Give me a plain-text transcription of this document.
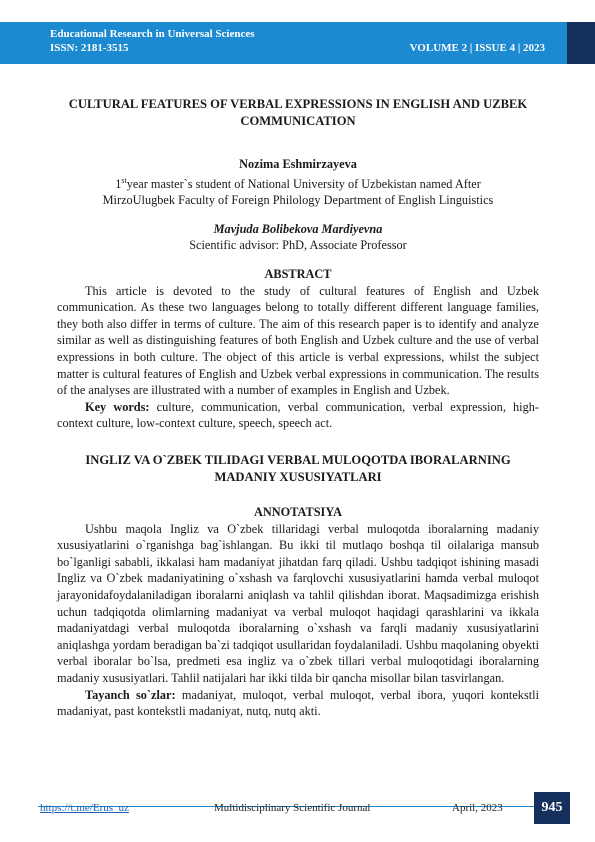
Educational Research in Universal Sciences
ISSN: 2181-3515	VOLUME 2 | ISSUE 4 | 2023
CULTURAL FEATURES OF VERBAL EXPRESSIONS IN ENGLISH AND UZBEK COMMUNICATION
Nozima Eshmirzayeva
1styear master`s student of National University of Uzbekistan named After
MirzoUlugbek Faculty of Foreign Philology Department of English Linguistics
Mavjuda Bolibekova Mardiyevna
Scientific advisor: PhD, Associate Professor
ABSTRACT
This article is devoted to the study of cultural features of English and Uzbek communication. As these two languages belong to totally different different language families, they both also differ in terms of culture. The aim of this research paper is to identify and analyze similar as well as distinguishing features of both English and Uzbek culture and the use of verbal expressions in both culture. The object of this article is verbal expressions, whilst the subject matter is cultural features of English and Uzbek verbal expressions in communication. The results of the analyses are illustrated with a number of examples in English and Uzbek.
Key words: culture, communication, verbal communication, verbal expression, high-context culture, low-context culture, speech, speech act.
INGLIZ VA O`ZBEK TILIDAGI VERBAL MULOQOTDA IBORALARNING MADANIY XUSUSIYATLARI
ANNOTATSIYA
Ushbu maqola Ingliz va O`zbek tillaridagi verbal muloqotda iboralarning madaniy xususiyatlarini o`rganishga bag`ishlangan. Bu ikki til mutlaqo boshqa til oilalariga mansub bo`lganligi sababli, ikkalasi ham madaniyat jihatdan farq qiladi. Ushbu tadqiqot ishining masadi Ingliz va O`zbek madaniyatining o`xshash va farqlovchi xususiyatlarini hamda verbal muloqot jarayonidafoydalaniladigan iboralarni aniqlash va tahlil qilishdan iborat. Maqsadimizga erishish uchun tadqiqotda olimlarning madaniyat va verbal muloqot haqidagi qarashlarini va ikkala madaniyatdagi verbal muloqotda iboralarning o`xshash va farqli madaniy xususiyatlarini aniqlashga yordam beradigan ba`zi tadqiqot usullaridan foydalaniladi. Ushbu maqolaning obyekti verbal iboralar bo`lsa, predmeti esa ingliz va o`zbek tillari verbal muloqotidagi iboralarning madaniy xususiyatlari. Tahlil natijalari har ikki tilda bir qancha misollar bilan tasvirlangan.
Tayanch so`zlar: madaniyat, muloqot, verbal muloqot, verbal ibora, yuqori kontekstli madaniyat, past kontekstli madaniyat, nutq, nutq akti.
https://t.me/Erus_uz	Multidisciplinary Scientific Journal	April, 2023	945
